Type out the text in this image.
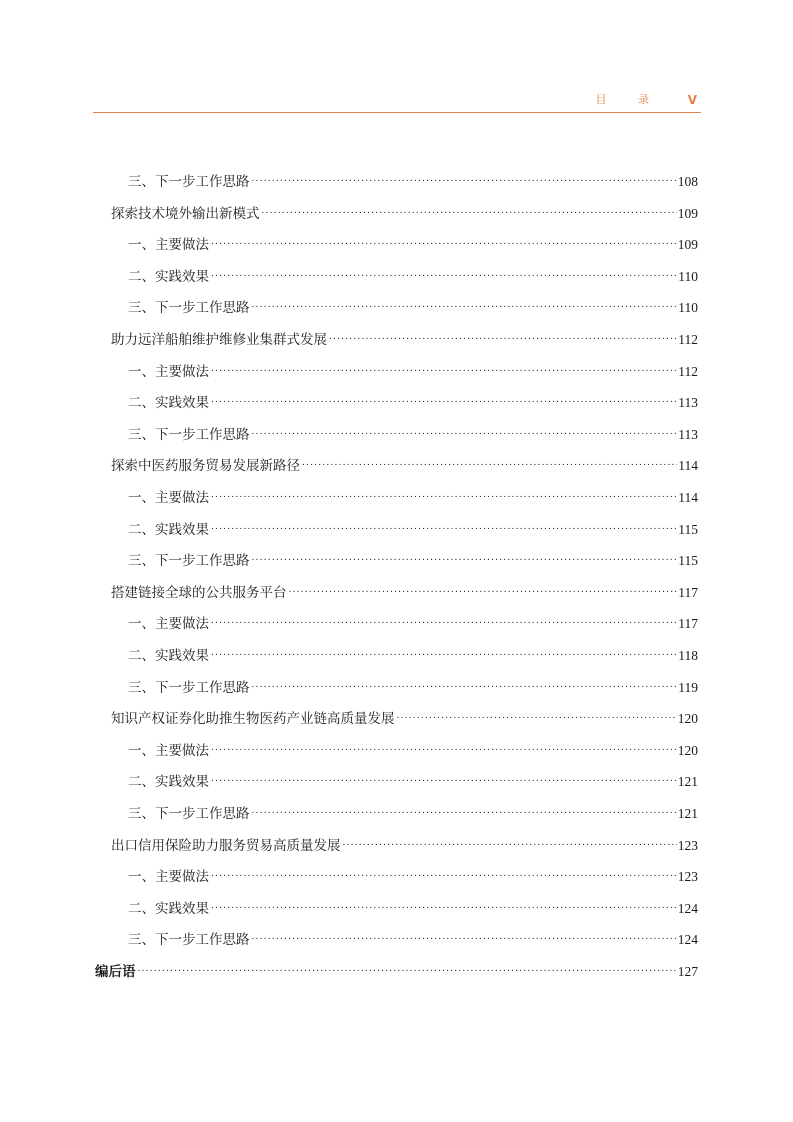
目 录 V
三、下一步工作思路 .....	108
探索技术境外输出新模式 .....	109
一、主要做法 .....	109
二、实践效果 .....	110
三、下一步工作思路 .....	110
助力远洋船舶维护维修业集群式发展 .....	112
一、主要做法 .....	112
二、实践效果 .....	113
三、下一步工作思路 .....	113
探索中医药服务贸易发展新路径 .....	114
一、主要做法 .....	114
二、实践效果 .....	115
三、下一步工作思路 .....	115
搭建链接全球的公共服务平台 .....	117
一、主要做法 .....	117
二、实践效果 .....	118
三、下一步工作思路 .....	119
知识产权证券化助推生物医药产业链高质量发展 .....	120
一、主要做法 .....	120
二、实践效果 .....	121
三、下一步工作思路 .....	121
出口信用保险助力服务贸易高质量发展 .....	123
一、主要做法 .....	123
二、实践效果 .....	124
三、下一步工作思路 .....	124
编后语 .....	127
